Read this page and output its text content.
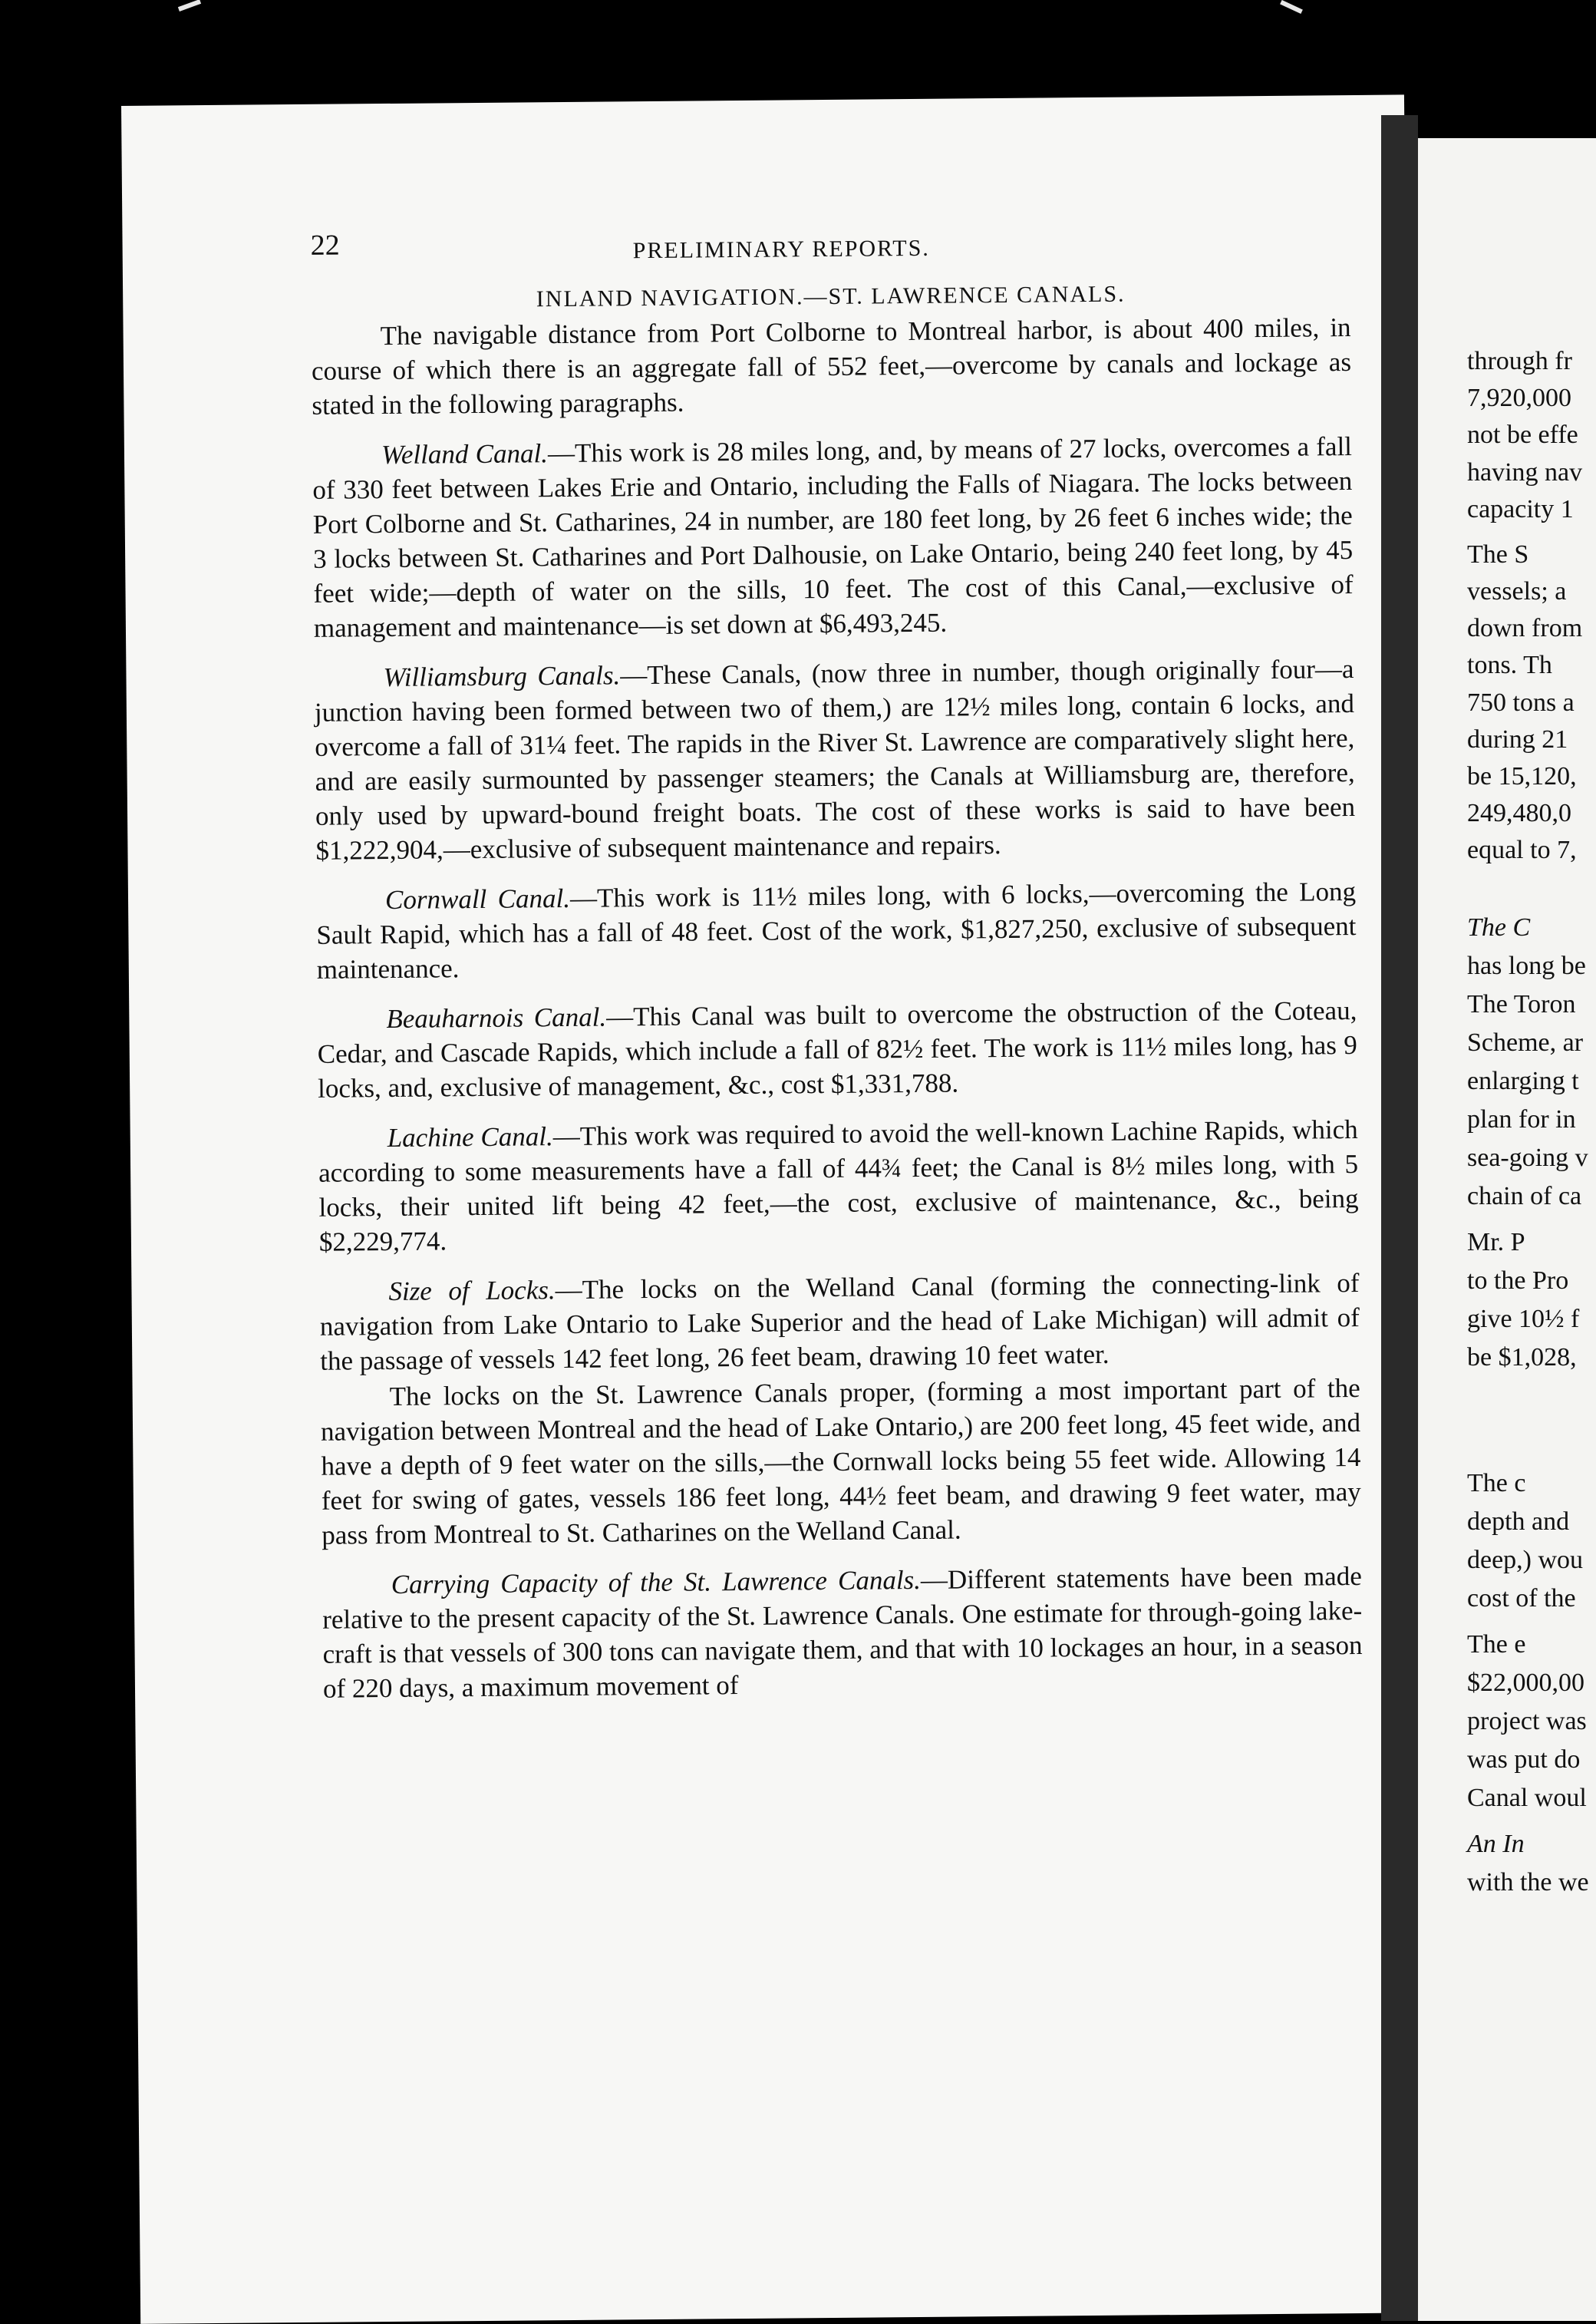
22	PRELIMINARY REPORTS.
INLAND NAVIGATION.—ST. LAWRENCE CANALS.

The navigable distance from Port Colborne to Montreal harbor, is about 400 miles, in course of which there is an aggregate fall of 552 feet,—overcome by canals and lockage as stated in the following paragraphs.

Welland Canal.—This work is 28 miles long, and, by means of 27 locks, overcomes a fall of 330 feet between Lakes Erie and Ontario, including the Falls of Niagara. The locks between Port Colborne and St. Catharines, 24 in number, are 180 feet long, by 26 feet 6 inches wide; the 3 locks between St. Catharines and Port Dalhousie, on Lake Ontario, being 240 feet long, by 45 feet wide;—depth of water on the sills, 10 feet. The cost of this Canal,—exclusive of management and maintenance—is set down at $6,493,245.

Williamsburg Canals.—These Canals, (now three in number, though originally four—a junction having been formed between two of them,) are 12½ miles long, contain 6 locks, and overcome a fall of 31¼ feet. The rapids in the River St. Lawrence are comparatively slight here, and are easily surmounted by passenger steamers; the Canals at Williamsburg are, therefore, only used by upward-bound freight boats. The cost of these works is said to have been $1,222,904,—exclusive of subsequent maintenance and repairs.

Cornwall Canal.—This work is 11½ miles long, with 6 locks,—overcoming the Long Sault Rapid, which has a fall of 48 feet. Cost of the work, $1,827,250, exclusive of subsequent maintenance.

Beauharnois Canal.—This Canal was built to overcome the obstruction of the Coteau, Cedar, and Cascade Rapids, which include a fall of 82½ feet. The work is 11½ miles long, has 9 locks, and, exclusive of management, &c., cost $1,331,788.

Lachine Canal.—This work was required to avoid the well-known Lachine Rapids, which according to some measurements have a fall of 44¾ feet; the Canal is 8½ miles long, with 5 locks, their united lift being 42 feet,—the cost, exclusive of maintenance, &c., being $2,229,774.

Size of Locks.—The locks on the Welland Canal (forming the connecting-link of navigation from Lake Ontario to Lake Superior and the head of Lake Michigan) will admit of the passage of vessels 142 feet long, 26 feet beam, drawing 10 feet water.

The locks on the St. Lawrence Canals proper, (forming a most important part of the navigation between Montreal and the head of Lake Ontario,) are 200 feet long, 45 feet wide, and have a depth of 9 feet water on the sills,—the Cornwall locks being 55 feet wide. Allowing 14 feet for swing of gates, vessels 186 feet long, 44½ feet beam, and drawing 9 feet water, may pass from Montreal to St. Catharines on the Welland Canal.

Carrying Capacity of the St. Lawrence Canals.—Different statements have been made relative to the present capacity of the St. Lawrence Canals. One estimate for through-going lake-craft is that vessels of 300 tons can navigate them, and that with 10 lockages an hour, in a season of 220 days, a maximum movement of

through fr
7,920,000
not be effe
having nav
capacity 1
The S
vessels; a
down from
tons. Th
750 tons a
during 21
be 15,120,
249,480,0
equal to 7,
The C
has long be
The Toron
Scheme, ar
enlarging t
plan for in
sea-going v
chain of ca
Mr. P
to the Pro
give 10½ f
be $1,028,
The c
depth and
deep,) wou
cost of the
The e
$22,000,00
project was
was put do
Canal woul
An In
with the we
